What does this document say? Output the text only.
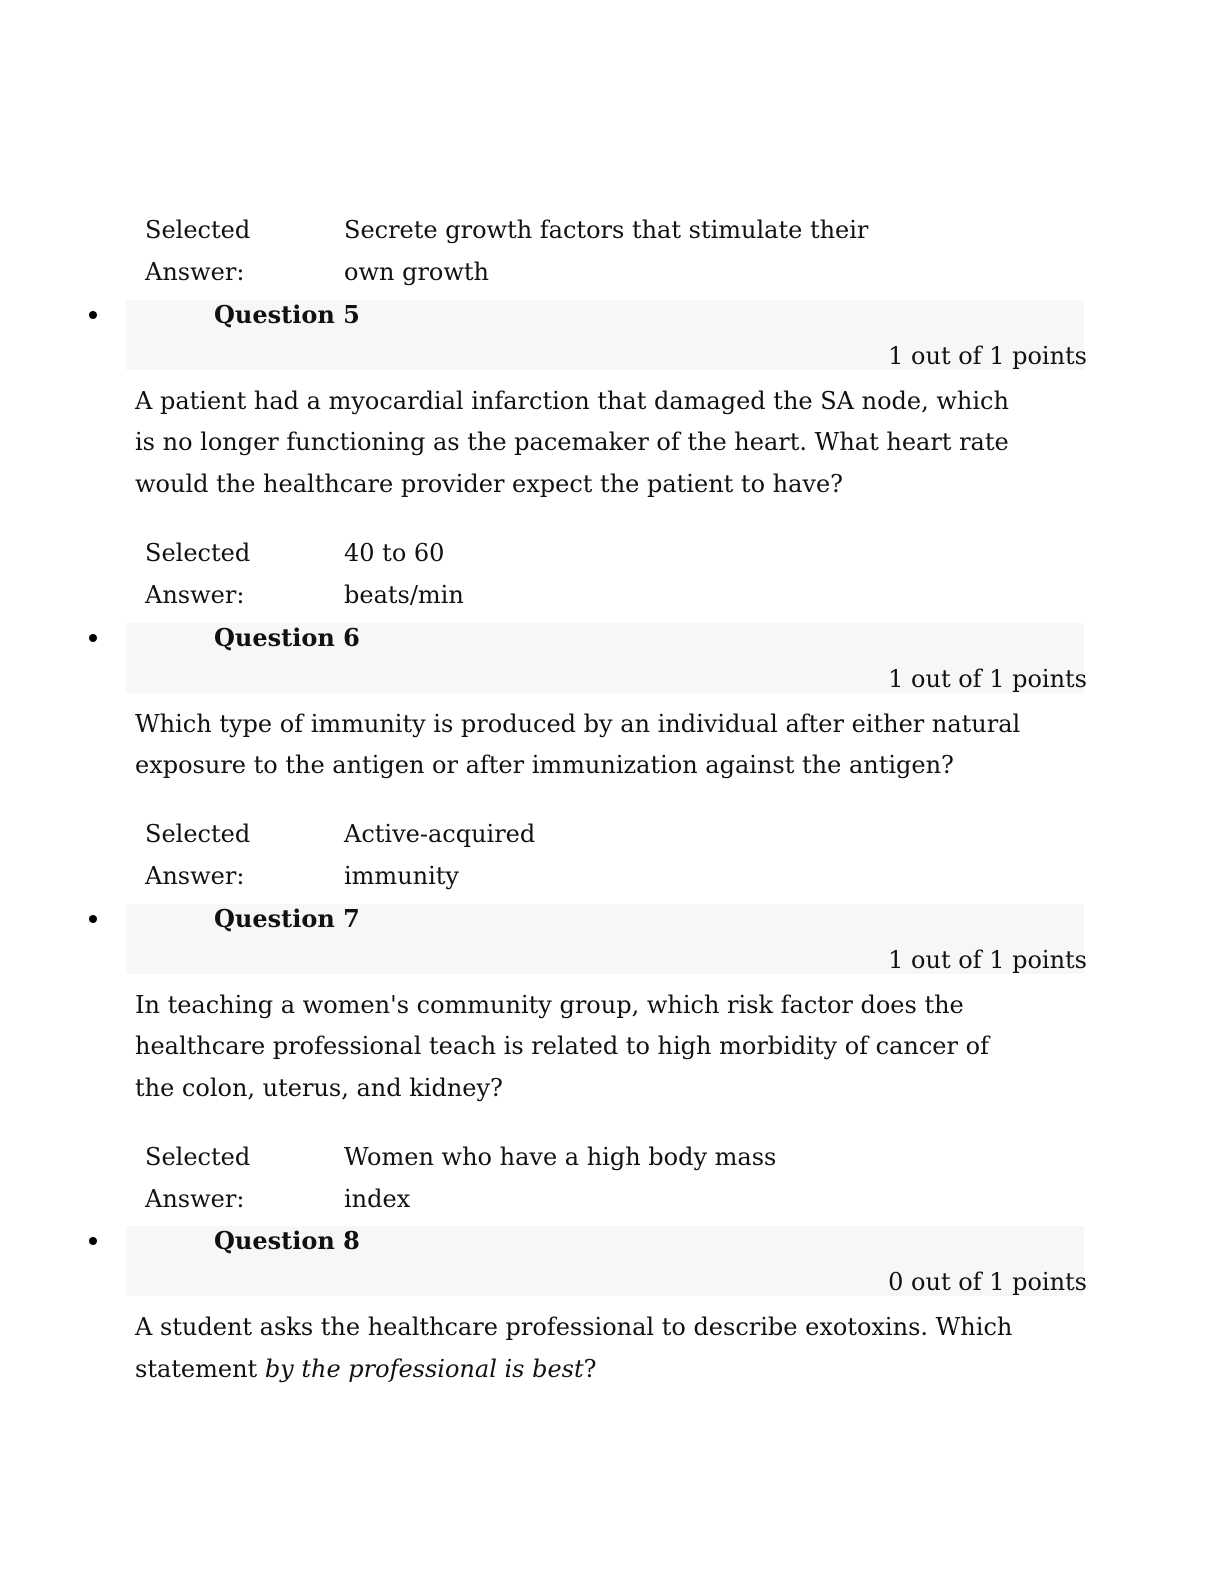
Selected
Answer:
Secrete growth factors that stimulate their
own growth
Question 5
1 out of 1 points
A patient had a myocardial infarction that damaged the SA node, which
is no longer functioning as the pacemaker of the heart. What heart rate
would the healthcare provider expect the patient to have?
Selected
Answer:
40 to 60
beats/min
Question 6
1 out of 1 points
Which type of immunity is produced by an individual after either natural
exposure to the antigen or after immunization against the antigen?
Selected
Answer:
Active-acquired
immunity
Question 7
1 out of 1 points
In teaching a women's community group, which risk factor does the
healthcare professional teach is related to high morbidity of cancer of
the colon, uterus, and kidney?
Selected
Answer:
Women who have a high body mass
index
Question 8
0 out of 1 points
A student asks the healthcare professional to describe exotoxins. Which
statement by the professional is best?
